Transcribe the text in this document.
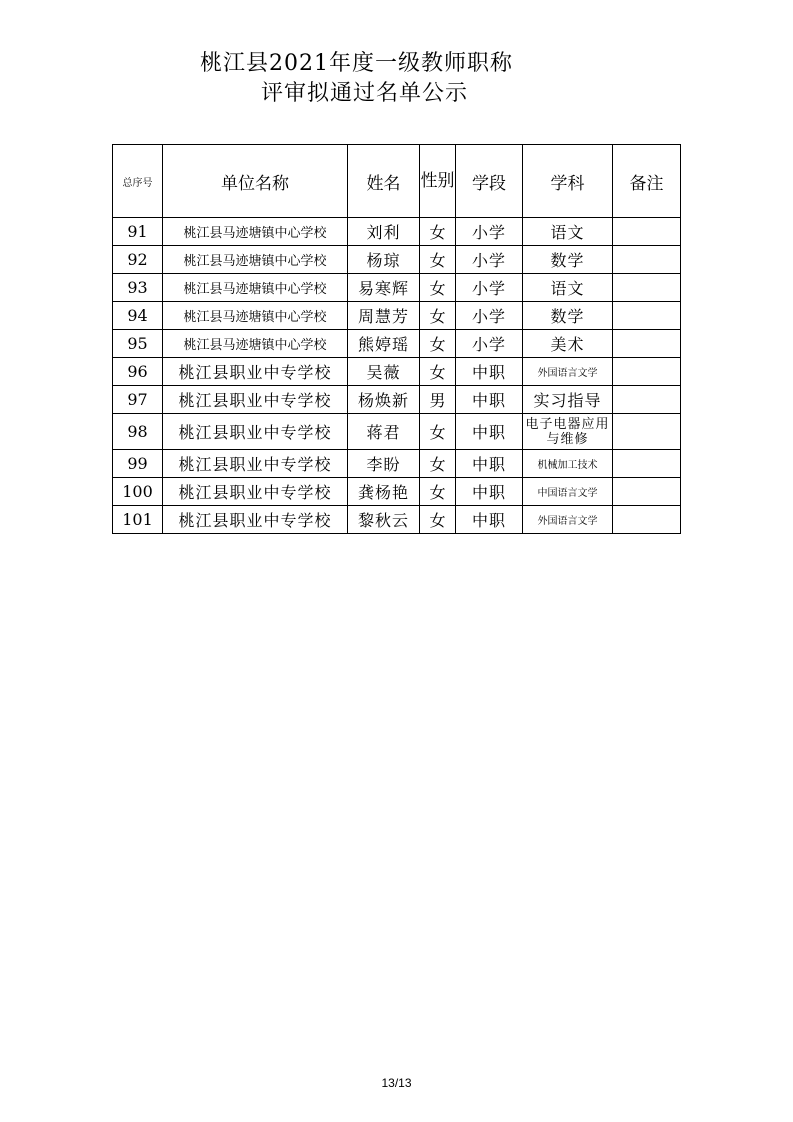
桃江县2021年度一级教师职称
评审拟通过名单公示
总序号	单位名称	姓名	性别	学段	学科	备注
91	桃江县马迹塘镇中心学校	刘利	女	小学	语文	
92	桃江县马迹塘镇中心学校	杨琼	女	小学	数学	
93	桃江县马迹塘镇中心学校	易寒辉	女	小学	语文	
94	桃江县马迹塘镇中心学校	周慧芳	女	小学	数学	
95	桃江县马迹塘镇中心学校	熊婷瑶	女	小学	美术	
96	桃江县职业中专学校	吴薇	女	中职	外国语言文学	
97	桃江县职业中专学校	杨焕新	男	中职	实习指导	
98	桃江县职业中专学校	蒋君	女	中职	电子电器应用与维修	
99	桃江县职业中专学校	李盼	女	中职	机械加工技术	
100	桃江县职业中专学校	龚杨艳	女	中职	中国语言文学	
101	桃江县职业中专学校	黎秋云	女	中职	外国语言文学	
13/13
